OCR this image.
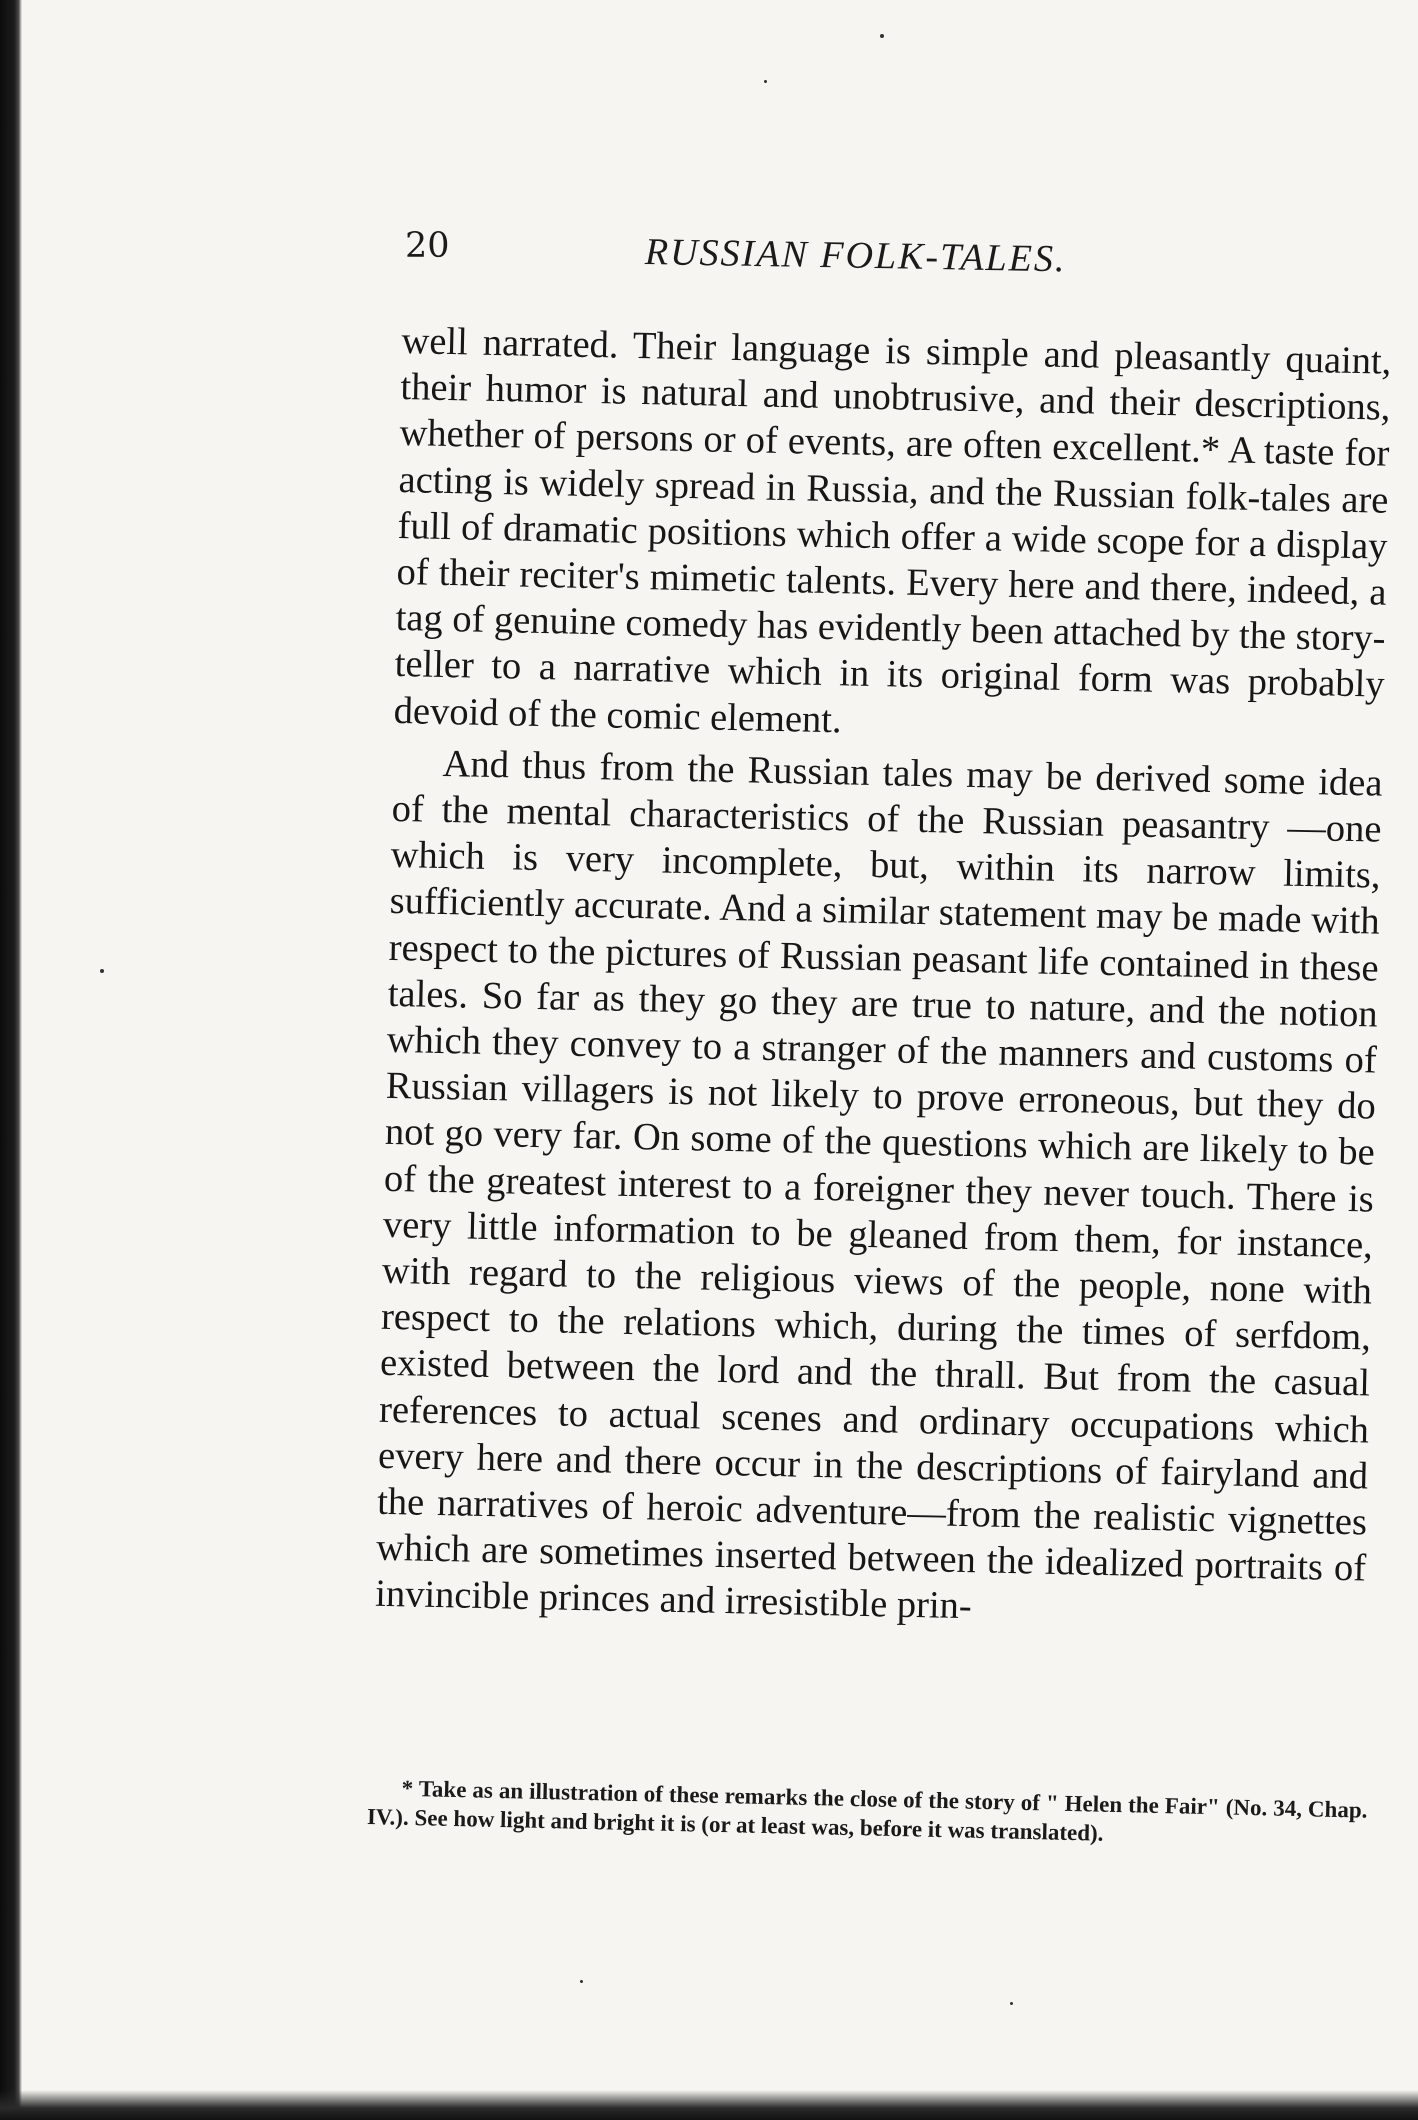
20	RUSSIAN FOLK-TALES.

well narrated. Their language is simple and pleasantly quaint, their humor is natural and unobtrusive, and their descriptions, whether of persons or of events, are often excellent.* A taste for acting is widely spread in Russia, and the Russian folk-tales are full of dramatic positions which offer a wide scope for a display of their reciter's mimetic talents. Every here and there, indeed, a tag of genuine comedy has evidently been attached by the story-teller to a narrative which in its original form was probably devoid of the comic element.

And thus from the Russian tales may be derived some idea of the mental characteristics of the Russian peasantry —one which is very incomplete, but, within its narrow limits, sufficiently accurate. And a similar statement may be made with respect to the pictures of Russian peasant life contained in these tales. So far as they go they are true to nature, and the notion which they convey to a stranger of the manners and customs of Russian villagers is not likely to prove erroneous, but they do not go very far. On some of the questions which are likely to be of the greatest interest to a foreigner they never touch. There is very little information to be gleaned from them, for instance, with regard to the religious views of the people, none with respect to the relations which, during the times of serfdom, existed between the lord and the thrall. But from the casual references to actual scenes and ordinary occupations which every here and there occur in the descriptions of fairyland and the narratives of heroic adventure—from the realistic vignettes which are sometimes inserted between the idealized portraits of invincible princes and irresistible prin-

* Take as an illustration of these remarks the close of the story of " Helen the Fair" (No. 34, Chap. IV.). See how light and bright it is (or at least was, before it was translated).
